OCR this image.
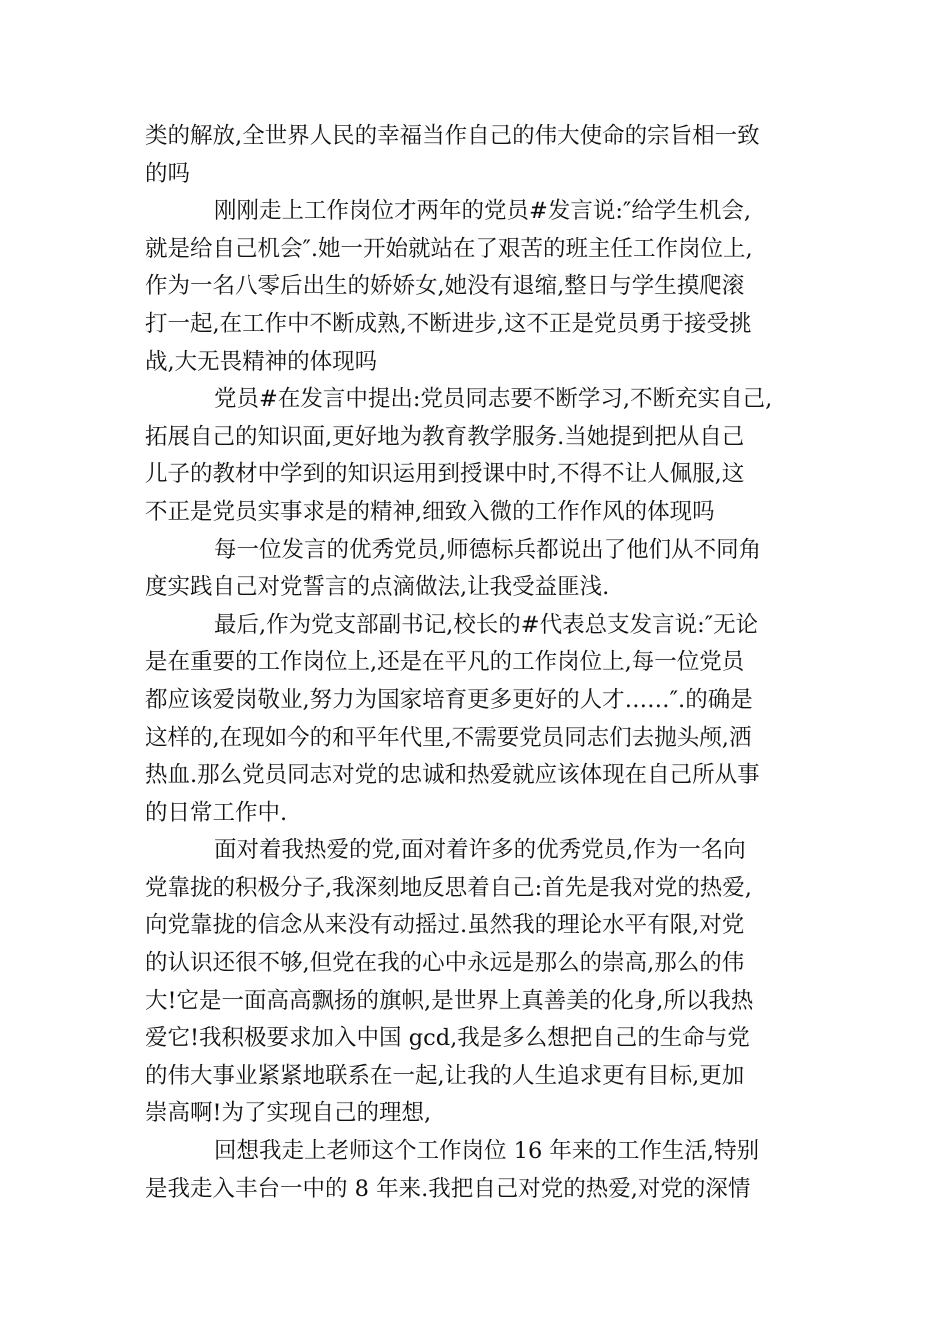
类的解放,全世界人民的幸福当作自己的伟大使命的宗旨相一致
的吗
刚刚走上工作岗位才两年的党员#发言说:″给学生机会,
就是给自己机会″.她一开始就站在了艰苦的班主任工作岗位上,
作为一名八零后出生的娇娇女,她没有退缩,整日与学生摸爬滚
打一起,在工作中不断成熟,不断进步,这不正是党员勇于接受挑
战,大无畏精神的体现吗
党员#在发言中提出:党员同志要不断学习,不断充实自己,
拓展自己的知识面,更好地为教育教学服务.当她提到把从自己
儿子的教材中学到的知识运用到授课中时,不得不让人佩服,这
不正是党员实事求是的精神,细致入微的工作作风的体现吗
每一位发言的优秀党员,师德标兵都说出了他们从不同角
度实践自己对党誓言的点滴做法,让我受益匪浅.
最后,作为党支部副书记,校长的#代表总支发言说:″无论
是在重要的工作岗位上,还是在平凡的工作岗位上,每一位党员
都应该爱岗敬业,努力为国家培育更多更好的人才……″.的确是
这样的,在现如今的和平年代里,不需要党员同志们去抛头颅,洒
热血.那么党员同志对党的忠诚和热爱就应该体现在自己所从事
的日常工作中.
面对着我热爱的党,面对着许多的优秀党员,作为一名向
党靠拢的积极分子,我深刻地反思着自己:首先是我对党的热爱,
向党靠拢的信念从来没有动摇过.虽然我的理论水平有限,对党
的认识还很不够,但党在我的心中永远是那么的崇高,那么的伟
大!它是一面高高飘扬的旗帜,是世界上真善美的化身,所以我热
爱它!我积极要求加入中国 gcd,我是多么想把自己的生命与党
的伟大事业紧紧地联系在一起,让我的人生追求更有目标,更加
崇高啊!为了实现自己的理想,
回想我走上老师这个工作岗位 16 年来的工作生活,特别
是我走入丰台一中的 8 年来.我把自己对党的热爱,对党的深情
